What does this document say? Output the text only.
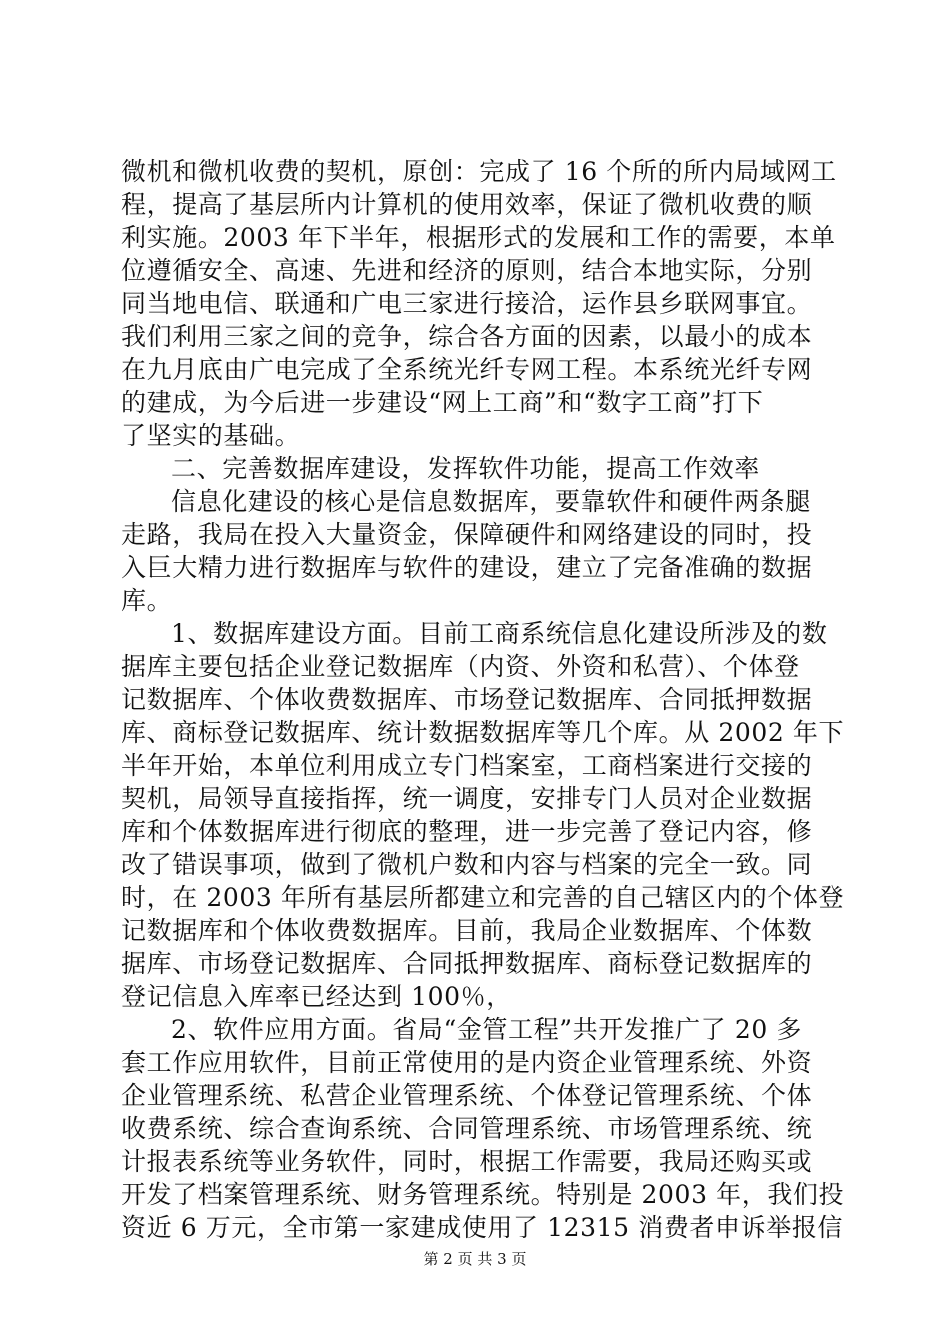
微机和微机收费的契机，原创：完成了 16 个所的所内局域网工
程，提高了基层所内计算机的使用效率，保证了微机收费的顺
利实施。2003 年下半年，根据形式的发展和工作的需要，本单
位遵循安全、高速、先进和经济的原则，结合本地实际，分别
同当地电信、联通和广电三家进行接洽，运作县乡联网事宜。
我们利用三家之间的竞争，综合各方面的因素，以最小的成本
在九月底由广电完成了全系统光纤专网工程。本系统光纤专网
的建成，为今后进一步建设“网上工商”和“数字工商”打下
了坚实的基础。
二、完善数据库建设，发挥软件功能，提高工作效率
信息化建设的核心是信息数据库，要靠软件和硬件两条腿
走路，我局在投入大量资金，保障硬件和网络建设的同时，投
入巨大精力进行数据库与软件的建设，建立了完备准确的数据
库。
1、数据库建设方面。目前工商系统信息化建设所涉及的数
据库主要包括企业登记数据库（内资、外资和私营）、个体登
记数据库、个体收费数据库、市场登记数据库、合同抵押数据
库、商标登记数据库、统计数据数据库等几个库。从 2002 年下
半年开始，本单位利用成立专门档案室，工商档案进行交接的
契机，局领导直接指挥，统一调度，安排专门人员对企业数据
库和个体数据库进行彻底的整理，进一步完善了登记内容，修
改了错误事项，做到了微机户数和内容与档案的完全一致。同
时，在 2003 年所有基层所都建立和完善的自己辖区内的个体登
记数据库和个体收费数据库。目前，我局企业数据库、个体数
据库、市场登记数据库、合同抵押数据库、商标登记数据库的
登记信息入库率已经达到 100％，
2、软件应用方面。省局“金管工程”共开发推广了 20 多
套工作应用软件，目前正常使用的是内资企业管理系统、外资
企业管理系统、私营企业管理系统、个体登记管理系统、个体
收费系统、综合查询系统、合同管理系统、市场管理系统、统
计报表系统等业务软件，同时，根据工作需要，我局还购买或
开发了档案管理系统、财务管理系统。特别是 2003 年，我们投
资近 6 万元，全市第一家建成使用了 12315 消费者申诉举报信
第 2 页 共 3 页
